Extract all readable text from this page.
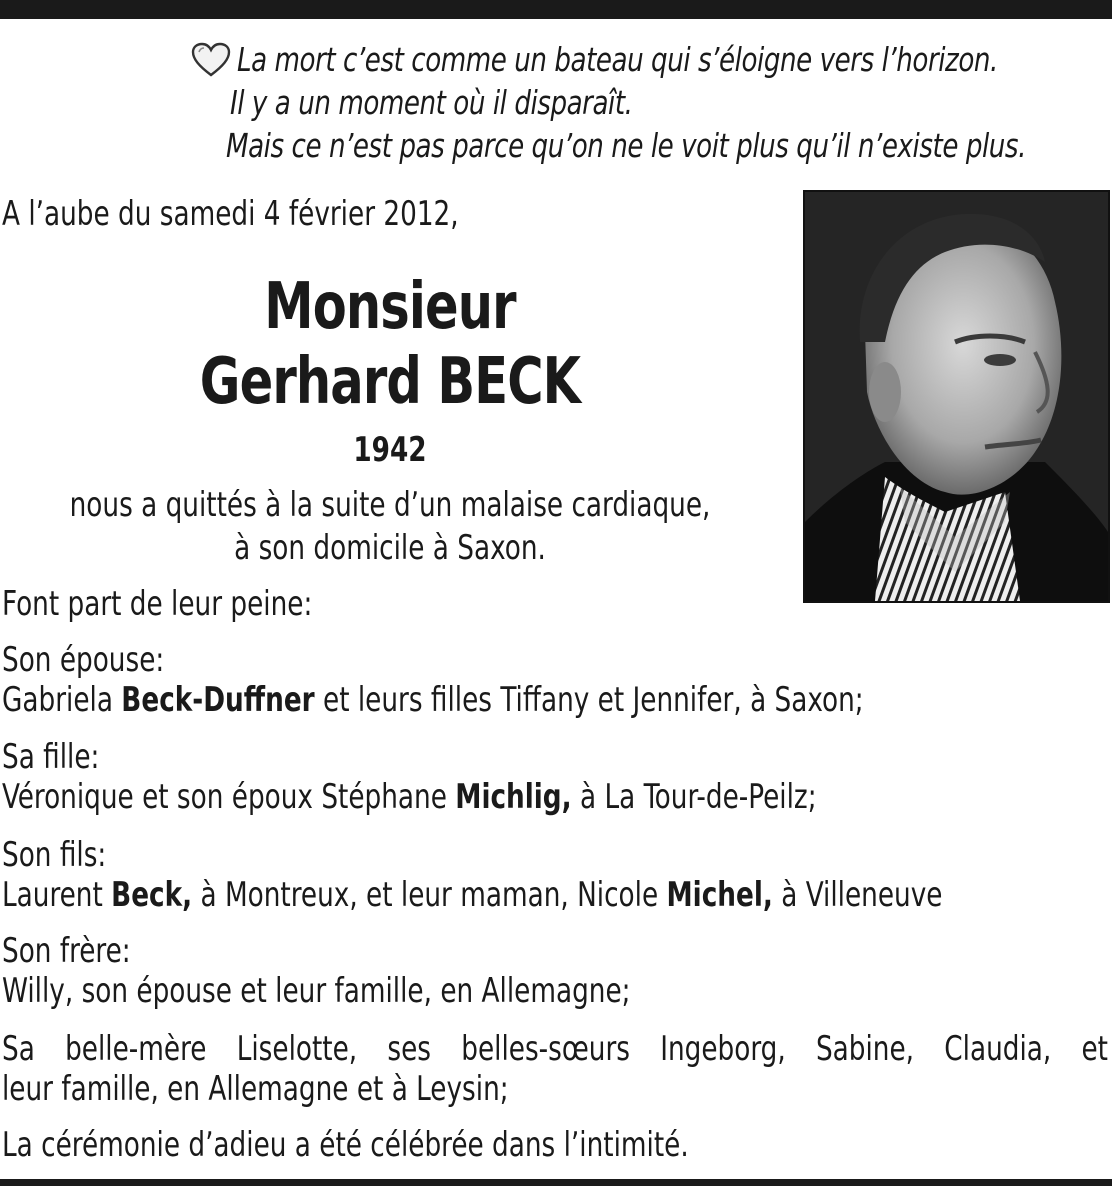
La mort c’est comme un bateau qui s’éloigne vers l’horizon.
Il y a un moment où il disparaît.
Mais ce n’est pas parce qu’on ne le voit plus qu’il n’existe plus.
A l’aube du samedi 4 février 2012,
Monsieur
Gerhard BECK
1942
nous a quittés à la suite d’un malaise cardiaque,
à son domicile à Saxon.
Font part de leur peine:
Son épouse:
Gabriela Beck-Duffner et leurs filles Tiffany et Jennifer, à Saxon;
Sa fille:
Véronique et son époux Stéphane Michlig, à La Tour-de-Peilz;
Son fils:
Laurent Beck, à Montreux, et leur maman, Nicole Michel, à Villeneuve
Son frère:
Willy, son épouse et leur famille, en Allemagne;
Sa belle-mère Liselotte, ses belles-sœurs Ingeborg, Sabine, Claudia, et
leur famille, en Allemagne et à Leysin;
La cérémonie d’adieu a été célébrée dans l’intimité.
